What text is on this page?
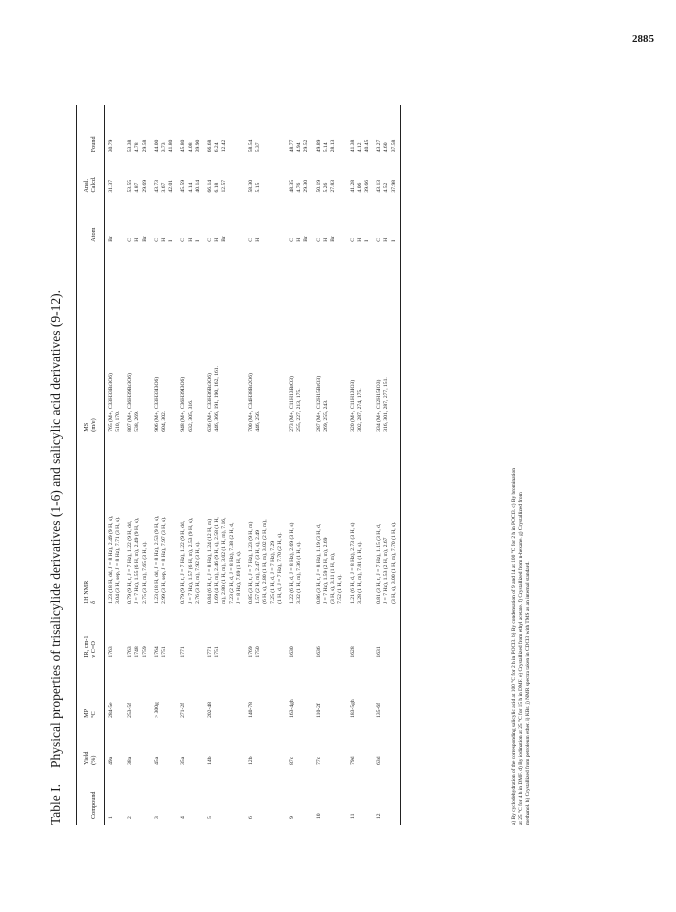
2885
Table I.Physical properties of trisalicylide derivatives (1-6) and salicylic acid derivatives (9-12).
Compound	Yield (%)	MP °C	IR, cm-1 ν C=O	1H NMR δ	MS (m/e)	Atom	Anal. Calcd.	Found

1	49a	284-5e	1763	1.23 (18 H, dd, J = 8 Hz), 2.49 (9 H, s), 3.04 (3 H, sep, J = 8 Hz), 7.71 (3 H, s).	765 (M+, C33H33Br3O6) 510, 170.	Br	31.37	30.79

2	38a	253-5f	1763 1748 1759	0.79 (9 H, t, J = 7 Hz), 1.22 (9 H, dd, J = 7 Hz), 1.55 (6 H, m), 2.49 (9 H, s), 2.75 (3 H, m), 7.65 (3 H, s).	807 (M+, C36H39Br3O6) 538, 269.	C H Br	53.55 4.87 29.69	53.38 4.78 29.58

3	45a	> 300g	1764 1751	1.23 (18 H, dd, J = 8 Hz), 2.53 (9 H, s), 2.99 (3 H, sep, J = 8 Hz), 7.97 (3 H, s).	906 (M+, C33H33I3O6) 604, 302.	C H I	43.73 3.67 42.01	44.00 3.73 41.80

4	35a	271-2f	1771	0.79 (9 H, t, J = 7 Hz), 1.22 (9 H, dd, J = 7 Hz), 1.57 (6 H, m), 2.53 (9 H, s), 2.76 (3 H, m), 7.92 (3 H, s).	948 (M+, C36H39I3O6) 632, 305, 316.	C H I	45.59 4.14 40.14	45.80 4.08 39.90

5	14b	202-48	1771 1751	0.84 (6 H, t, J = 8 Hz), 1.24 (12 H, m) 1.69 (4 H, m), 2.46 (9 H, s), 2.58 (1 H, m), 2.80 (1 H, m), 3.02 (1 H, m), 7.16, 7.23 (2 H, d, J = 8 Hz), 7.38 (2 H, d, J = 8 Hz), 7.69 (1 H, s).	636 (M+, C33H36Br3O6) 446, 366, 191, 190, 162, 161.	C H Br	66.14 6.18 12.57	66.68 6.24 12.42

6	12b	140-78	1769 1750	0.85 (3 H, t, J = 7 Hz), 1.23 (9 H, m) 1.57 (2 H, m), 2.47 (3 H, s), 2.49 (6 H, s), 2.80 (1 H, m), 3.02 (2 H, m), 7.25 (1 H, d, J = 7 Hz), 7.29 (1 H, d, J = 7 Hz), 7.70 (2 H, s).	700 (M+, C34H38Br2O6) 446, 256.	C H	58.30 5.15	58.54 5.37

9	87c	163-4gh	1630	1.22 (6 H, d, J = 8 Hz), 2.69 (3 H, s) 3.32 (1 H, m), 7.36 (1 H, s).	273 (M+, C11H13BrO3) 255, 227, 213, 175.	C H Br	48.35 4.76 29.30	48.77 4.94 29.52

10	77c	110-2f	1636	0.86 (3 H, t, J = 8 Hz), 1.19 (3 H, d, J = 7 Hz), 1.59 (2 H, m), 2.69 (3 H, s), 3.11 (1 H, m), 7.52 (1 H, s).	287 (M+, C12H15BrO3) 269, 255, 243.	C H Br	50.19 5.26 27.83	49.89 5.14 28.13

11	79d	183-5gh	1628	1.21 (6 H, d, J = 8 Hz), 2.73 (3 H, s) 3.28 (1 H, m), 7.81 (1 H, s).	320 (M+, C11H13IO3) 302, 287, 274, 175.	C H I	41.28 4.06 39.66	41.38 4.12 40.45

12	63d	135-6f	1631	0.81 (3 H, t, J = 7 Hz), 1.15 (3 H, d, J = 7 Hz), 1.53 (2 H, m), 2.67 (3 H, s), 3.00 (1 H, m), 7.70 (1 H, s).	334 (M+, C12H15IO3) 316, 301, 287, 277, 151.	C H I	43.13 4.52 37.98	43.27 4.60 37.58
a) By cyclodehydration of the corresponding salicylic acid at 100 °C for 2 h in POCl3. b) By condensation of 9 and 14 at 100 °C for 2 h in POCl3. c) By bromination at 25 °C for 4 h in DMF. d) By iodination at 25 °C for 15 h in DMF. e) Crystallized from ethyl acetate. f) Crystallized from n-hexane. g) Crystallized from methanol. h) Crystallized from petroleum ether. i) KBr. j) NMR spectra taken in CDCl3 with TMS as an internal standard.
